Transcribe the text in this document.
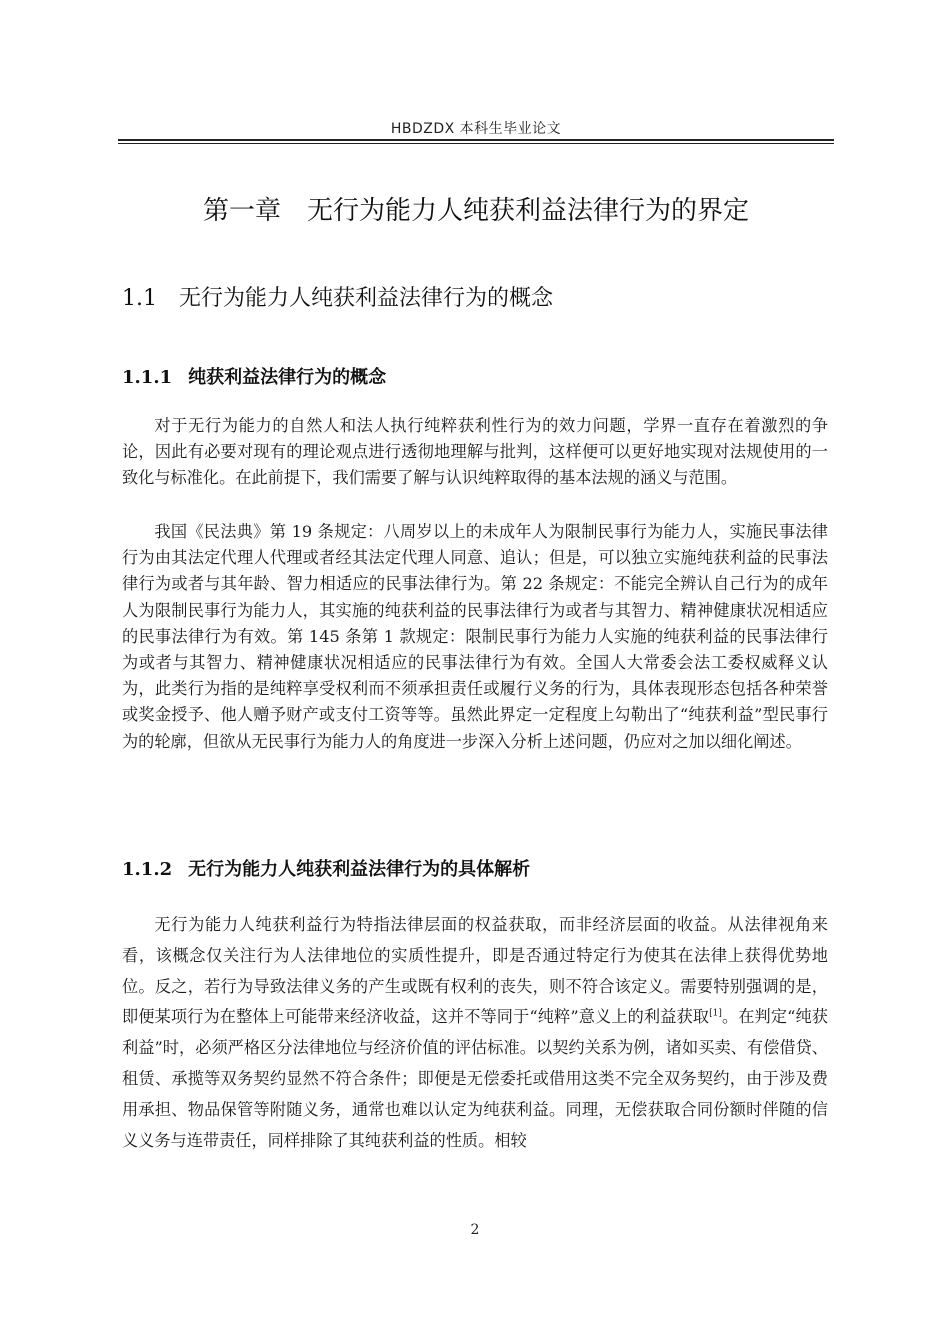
HBDZDX 本科生毕业论文
第一章　无行为能力人纯获利益法律行为的界定
1.1 无行为能力人纯获利益法律行为的概念
1.1.1 纯获利益法律行为的概念

对于无行为能力的自然人和法人执行纯粹获利性行为的效力问题，学界一直存在着激烈的争论，因此有必要对现有的理论观点进行透彻地理解与批判，这样便可以更好地实现对法规使用的一致化与标准化。在此前提下，我们需要了解与认识纯粹取得的基本法规的涵义与范围。

我国《民法典》第 19 条规定：八周岁以上的未成年人为限制民事行为能力人，实施民事法律行为由其法定代理人代理或者经其法定代理人同意、追认；但是，可以独立实施纯获利益的民事法律行为或者与其年龄、智力相适应的民事法律行为。第 22 条规定：不能完全辨认自己行为的成年人为限制民事行为能力人，其实施的纯获利益的民事法律行为或者与其智力、精神健康状况相适应的民事法律行为有效。第 145 条第 1 款规定：限制民事行为能力人实施的纯获利益的民事法律行为或者与其智力、精神健康状况相适应的民事法律行为有效。全国人大常委会法工委权威释义认为，此类行为指的是纯粹享受权利而不须承担责任或履行义务的行为，具体表现形态包括各种荣誉或奖金授予、他人赠予财产或支付工资等等。虽然此界定一定程度上勾勒出了“纯获利益”型民事行为的轮廓，但欲从无民事行为能力人的角度进一步深入分析上述问题，仍应对之加以细化阐述。

1.1.2 无行为能力人纯获利益法律行为的具体解析

无行为能力人纯获利益行为特指法律层面的权益获取，而非经济层面的收益。从法律视角来看，该概念仅关注行为人法律地位的实质性提升，即是否通过特定行为使其在法律上获得优势地位。反之，若行为导致法律义务的产生或既有权利的丧失，则不符合该定义。需要特别强调的是，即便某项行为在整体上可能带来经济收益，这并不等同于“纯粹”意义上的利益获取[1]。在判定“纯获利益”时，必须严格区分法律地位与经济价值的评估标准。以契约关系为例，诸如买卖、有偿借贷、租赁、承揽等双务契约显然不符合条件；即便是无偿委托或借用这类不完全双务契约，由于涉及费用承担、物品保管等附随义务，通常也难以认定为纯获利益。同理，无偿获取合同份额时伴随的信义义务与连带责任，同样排除了其纯获利益的性质。相较

2
